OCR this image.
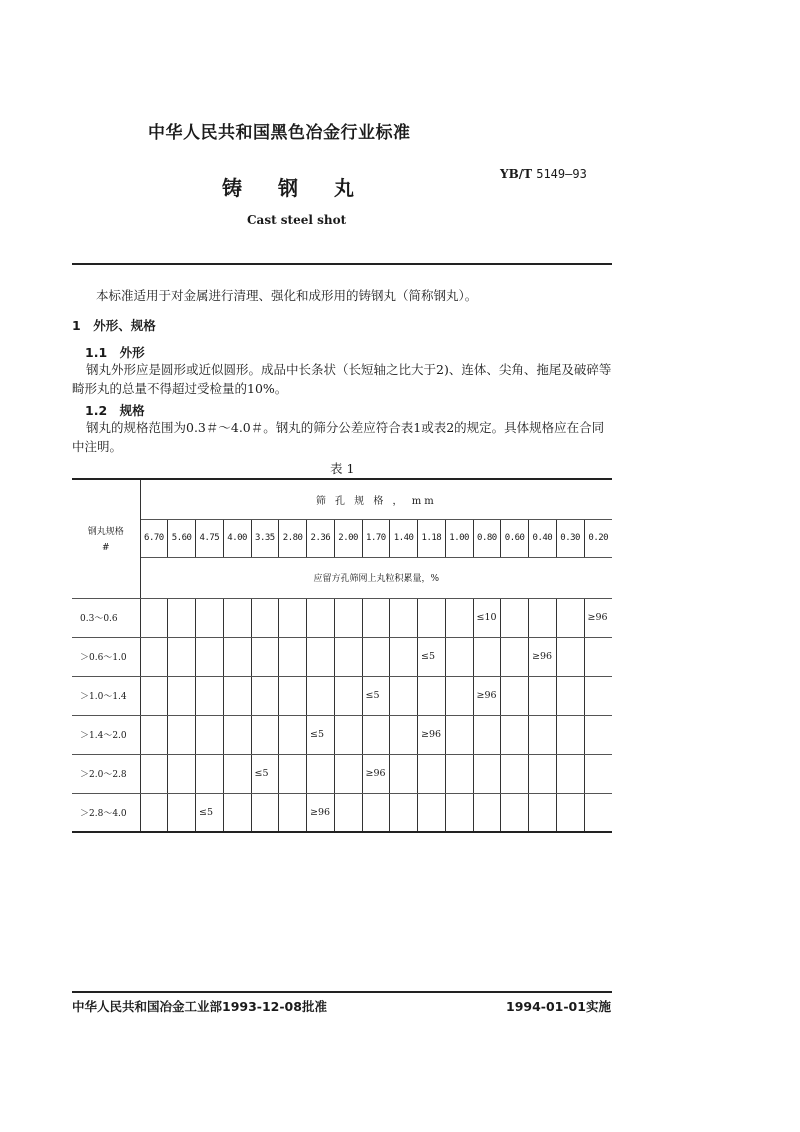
中华人民共和国黑色冶金行业标准
YB/T 5149—93
铸钢丸
Cast steel shot
本标准适用于对金属进行清理、强化和成形用的铸钢丸（简称钢丸）。
1　外形、规格
1.1　外形
钢丸外形应是圆形或近似圆形。成品中长条状（长短轴之比大于2)、连体、尖角、拖尾及破碎等畸形丸的总量不得超过受检量的10%。
1.2　规格
钢丸的规格范围为0.3＃～4.0＃。钢丸的筛分公差应符合表1或表2的规定。具体规格应在合同中注明。
表 1
钢丸规格
#	筛 孔 规 格 ， mm																
	6.70	5.60	4.75	4.00	3.35	2.80	2.36	2.00	1.70	1.40	1.18	1.00	0.80	0.60	0.40	0.30	0.20
	应留方孔筛网上丸粒积累量，%																
0.3～0.6													≤10				≥96
＞0.6～1.0											≤5				≥96		
＞1.0～1.4									≤5				≥96				
＞1.4～2.0							≤5				≥96						
＞2.0～2.8					≤5				≥96								
＞2.8～4.0			≤5				≥96										
中华人民共和国冶金工业部1993-12-08批准	1994-01-01实施
